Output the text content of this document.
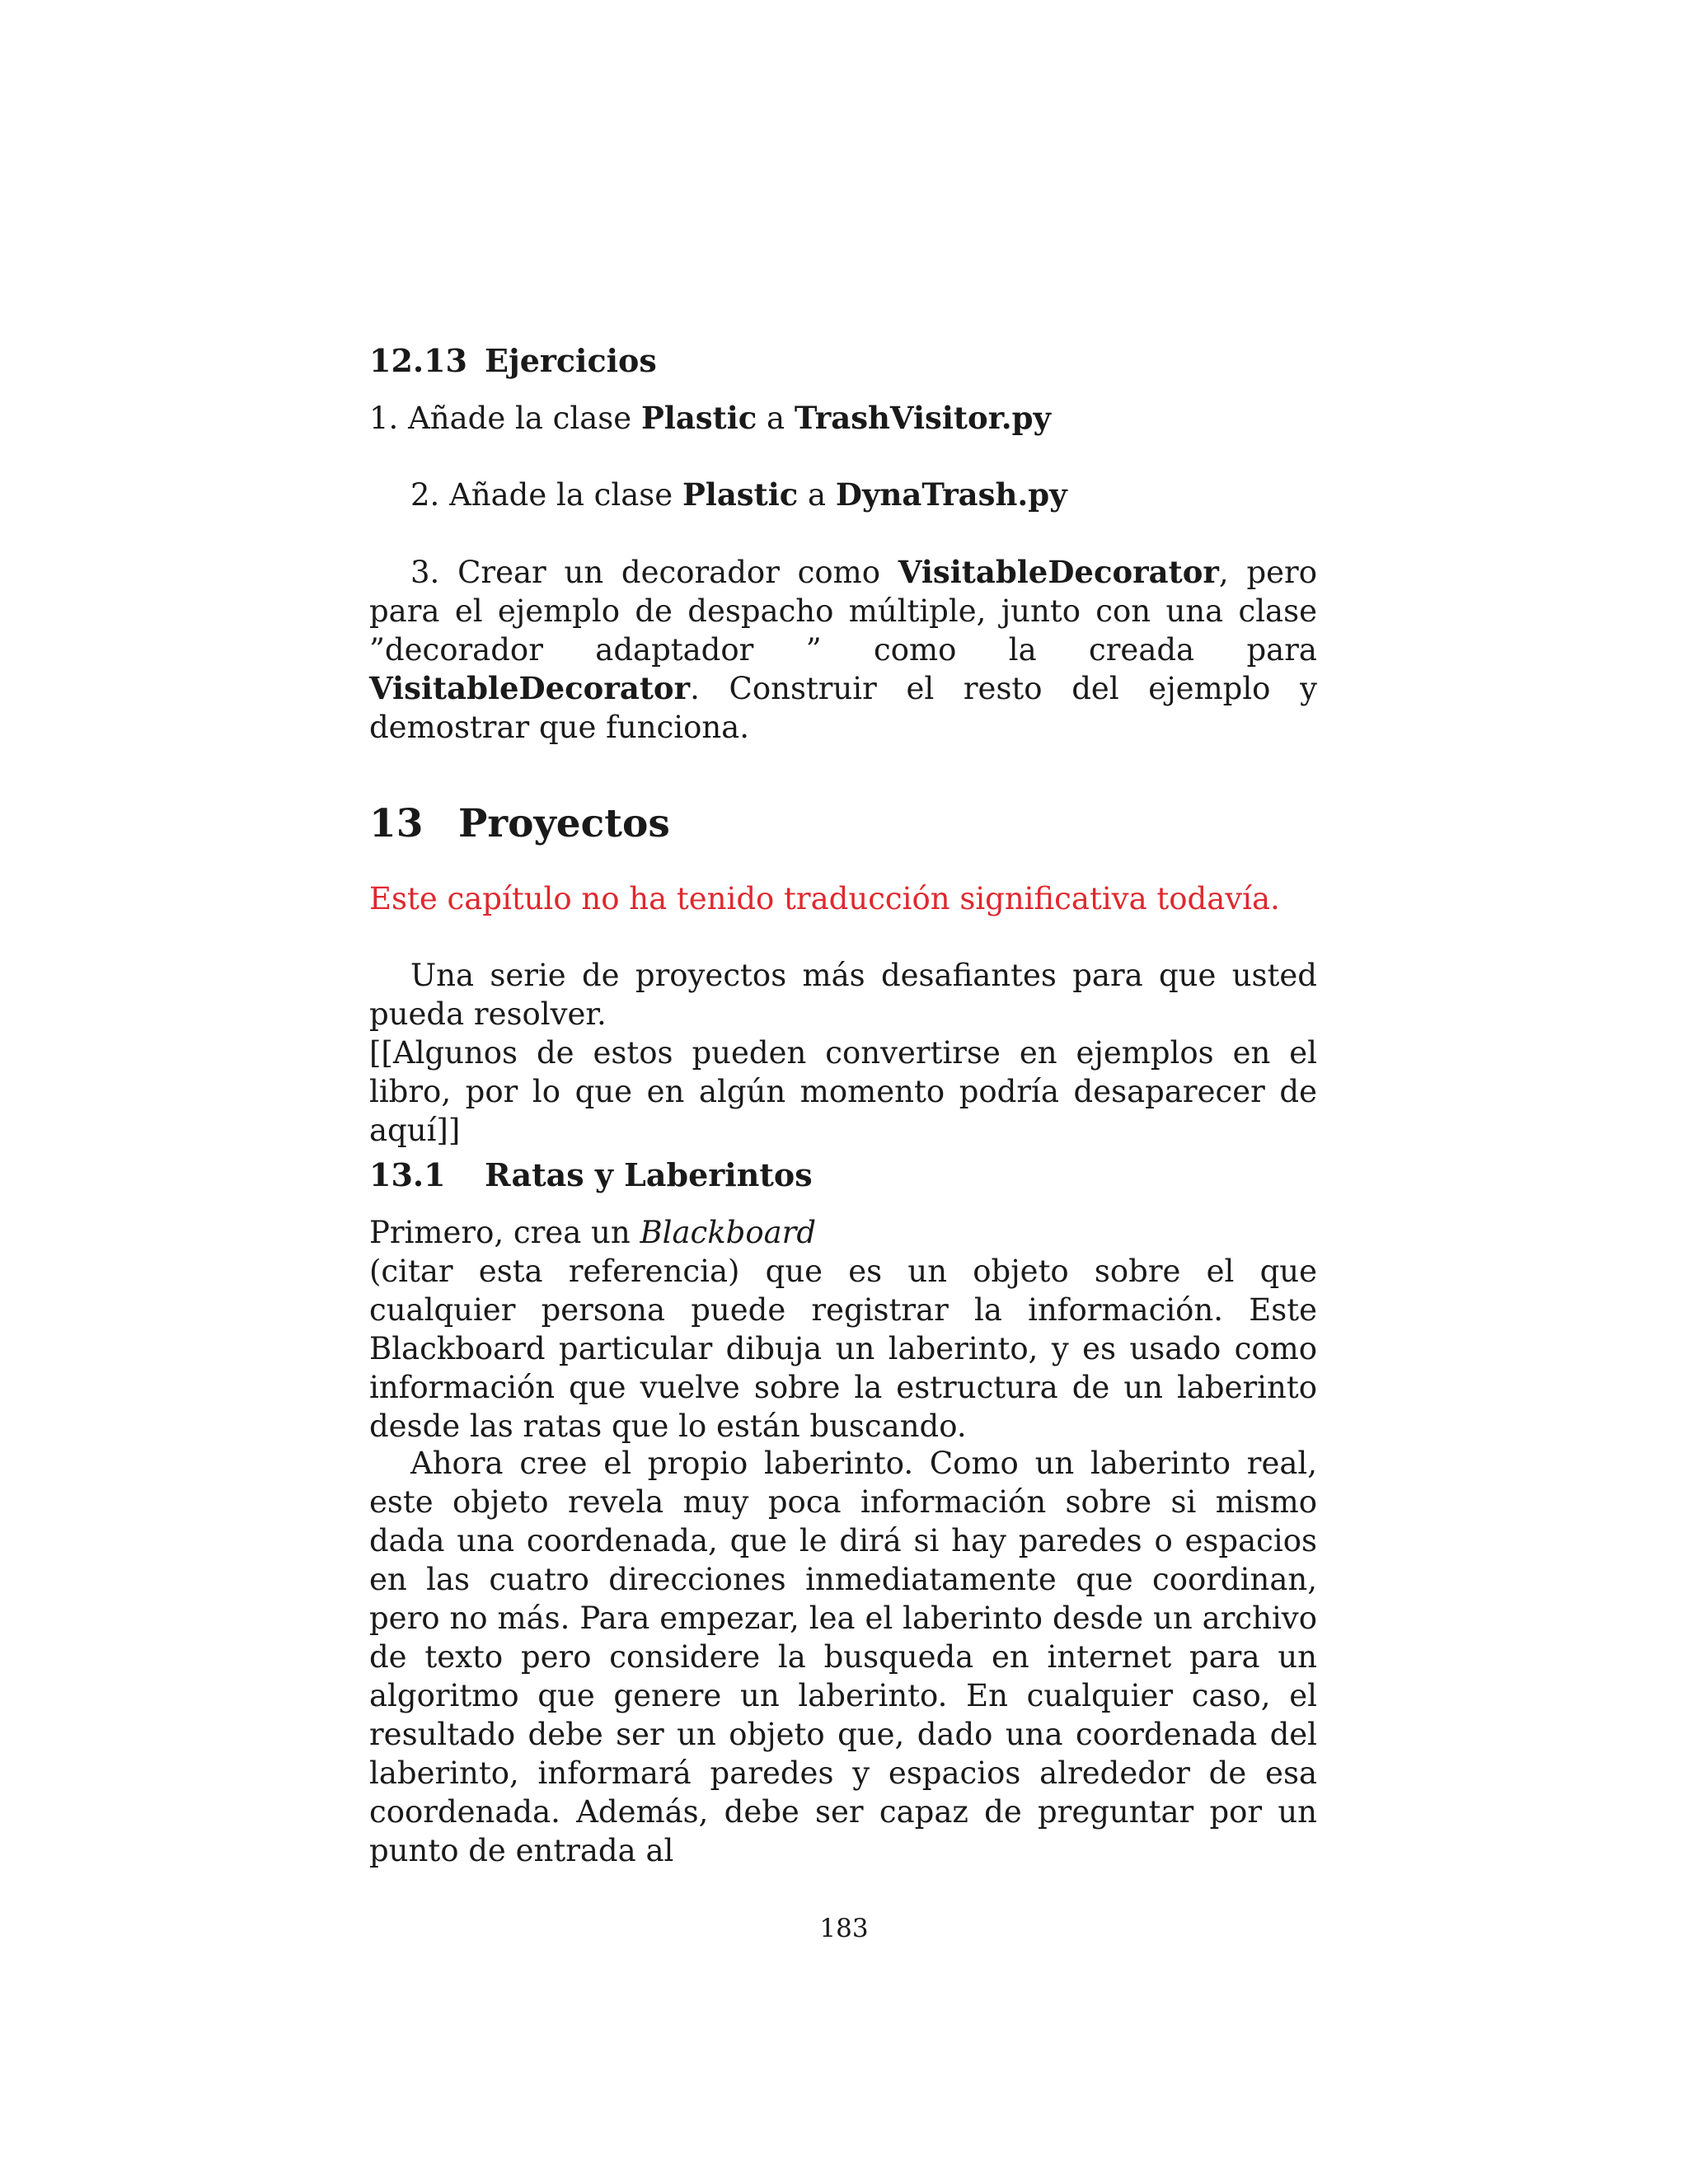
12.13 Ejercicios

1. Añade la clase Plastic a TrashVisitor.py

2. Añade la clase Plastic a DynaTrash.py

3. Crear un decorador como VisitableDecorator, pero para el ejemplo de despacho múltiple, junto con una clase ”decorador adaptador ” como la creada para VisitableDecorator. Construir el resto del ejemplo y demostrar que funciona.

13 Proyectos

Este capítulo no ha tenido traducción significativa todavía.

Una serie de proyectos más desafiantes para que usted pueda resolver.
[[Algunos de estos pueden convertirse en ejemplos en el libro, por lo que en algún momento podría desaparecer de aquí]]
13.1 Ratas y Laberintos
Primero, crea un Blackboard
(citar esta referencia) que es un objeto sobre el que cualquier persona puede registrar la información. Este Blackboard particular dibuja un laberinto, y es usado como información que vuelve sobre la estructura de un laberinto desde las ratas que lo están buscando.

Ahora cree el propio laberinto. Como un laberinto real, este objeto revela muy poca información sobre si mismo dada una coordenada, que le dirá si hay paredes o espacios en las cuatro direcciones inmediatamente que coordinan, pero no más. Para empezar, lea el laberinto desde un archivo de texto pero considere la busqueda en internet para un algoritmo que genere un laberinto. En cualquier caso, el resultado debe ser un objeto que, dado una coordenada del laberinto, informará paredes y espacios alrededor de esa coordenada. Además, debe ser capaz de preguntar por un punto de entrada al

183
